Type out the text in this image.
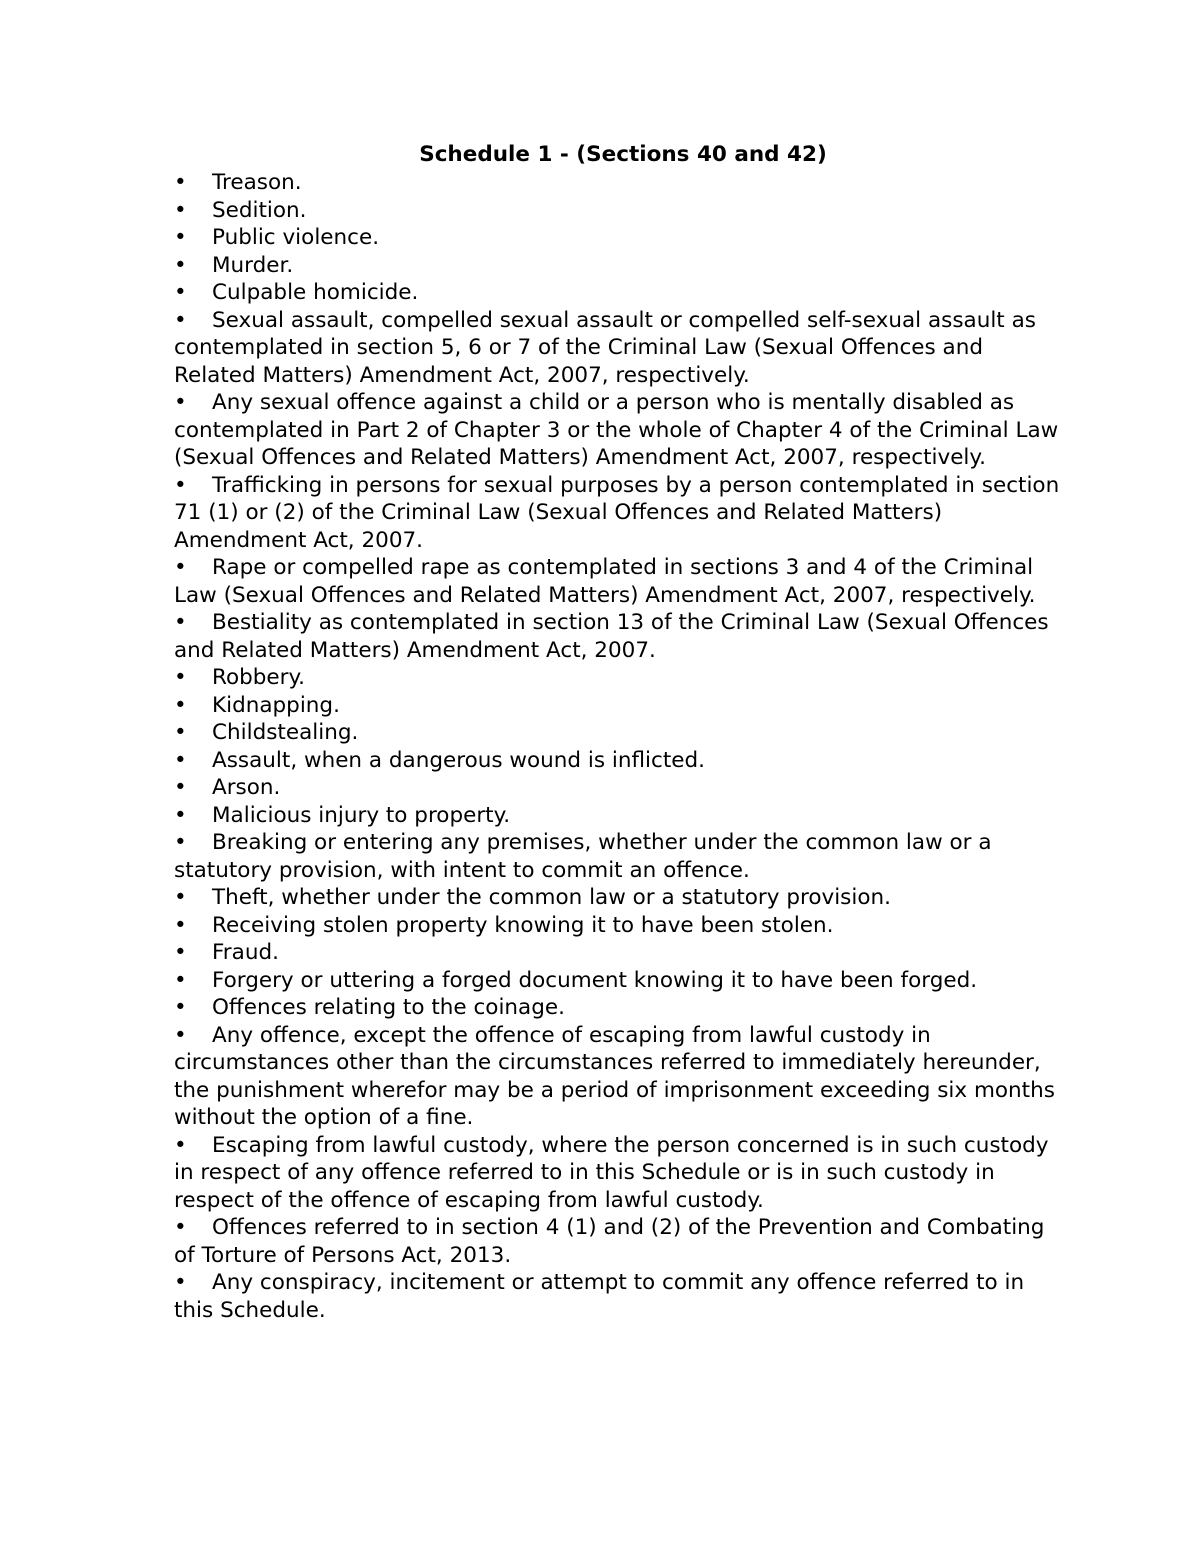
Schedule 1 - (Sections 40 and 42)
• Treason.
• Sedition.
• Public violence.
• Murder.
• Culpable homicide.
• Sexual assault, compelled sexual assault or compelled self-sexual assault as contemplated in section 5, 6 or 7 of the Criminal Law (Sexual Offences and Related Matters) Amendment Act, 2007, respectively.
• Any sexual offence against a child or a person who is mentally disabled as contemplated in Part 2 of Chapter 3 or the whole of Chapter 4 of the Criminal Law (Sexual Offences and Related Matters) Amendment Act, 2007, respectively.
• Trafficking in persons for sexual purposes by a person contemplated in section 71 (1) or (2) of the Criminal Law (Sexual Offences and Related Matters) Amendment Act, 2007.
• Rape or compelled rape as contemplated in sections 3 and 4 of the Criminal Law (Sexual Offences and Related Matters) Amendment Act, 2007, respectively.
• Bestiality as contemplated in section 13 of the Criminal Law (Sexual Offences and Related Matters) Amendment Act, 2007.
• Robbery.
• Kidnapping.
• Childstealing.
• Assault, when a dangerous wound is inflicted.
• Arson.
• Malicious injury to property.
• Breaking or entering any premises, whether under the common law or a statutory provision, with intent to commit an offence.
• Theft, whether under the common law or a statutory provision.
• Receiving stolen property knowing it to have been stolen.
• Fraud.
• Forgery or uttering a forged document knowing it to have been forged.
• Offences relating to the coinage.
• Any offence, except the offence of escaping from lawful custody in circumstances other than the circumstances referred to immediately hereunder, the punishment wherefor may be a period of imprisonment exceeding six months without the option of a fine.
• Escaping from lawful custody, where the person concerned is in such custody in respect of any offence referred to in this Schedule or is in such custody in respect of the offence of escaping from lawful custody.
• Offences referred to in section 4 (1) and (2) of the Prevention and Combating of Torture of Persons Act, 2013.
• Any conspiracy, incitement or attempt to commit any offence referred to in this Schedule.
